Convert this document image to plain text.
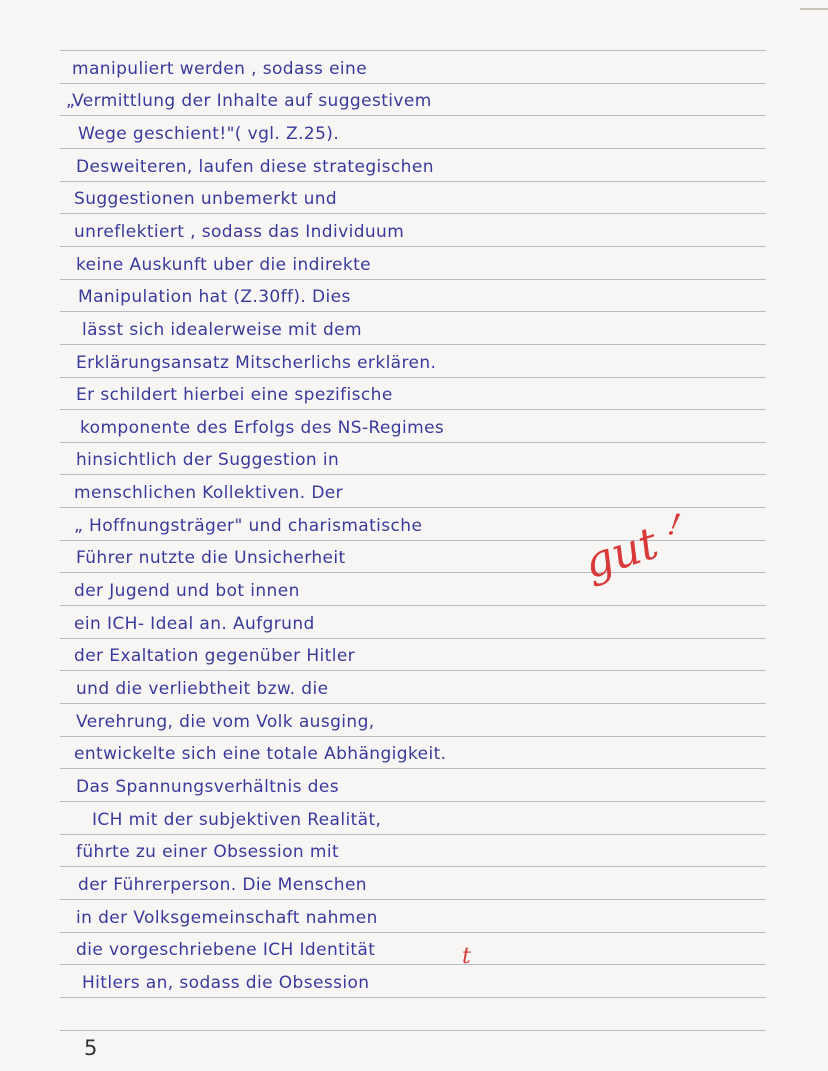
manipuliert werden , sodass eine
„Vermittlung der Inhalte auf suggestivem
Wege geschient!"( vgl. Z.25).
Desweiteren, laufen diese strategischen
Suggestionen unbemerkt und
unreflektiert , sodass das Individuum
keine Auskunft uber die indirekte
Manipulation hat (Z.30ff). Dies
lässt sich idealerweise mit dem
Erklärungsansatz Mitscherlichs erklären.
Er schildert hierbei eine spezifische
komponente des Erfolgs des NS-Regimes
hinsichtlich der Suggestion in
menschlichen Kollektiven. Der
„ Hoffnungsträger" und charismatische
Führer nutzte die Unsicherheit
der Jugend und bot innen
ein ICH- Ideal an. Aufgrund
der Exaltation gegenüber Hitler
und die verliebtheit bzw. die
Verehrung, die vom Volk ausging,
entwickelte sich eine totale Abhängigkeit.
Das Spannungsverhältnis des
ICH mit der subjektiven Realität,
führte zu einer Obsession mit
der Führerperson. Die Menschen
in der Volksgemeinschaft nahmen
die vorgeschriebene ICH Identität
Hitlers an, sodass die Obsession
gut !
t
5
